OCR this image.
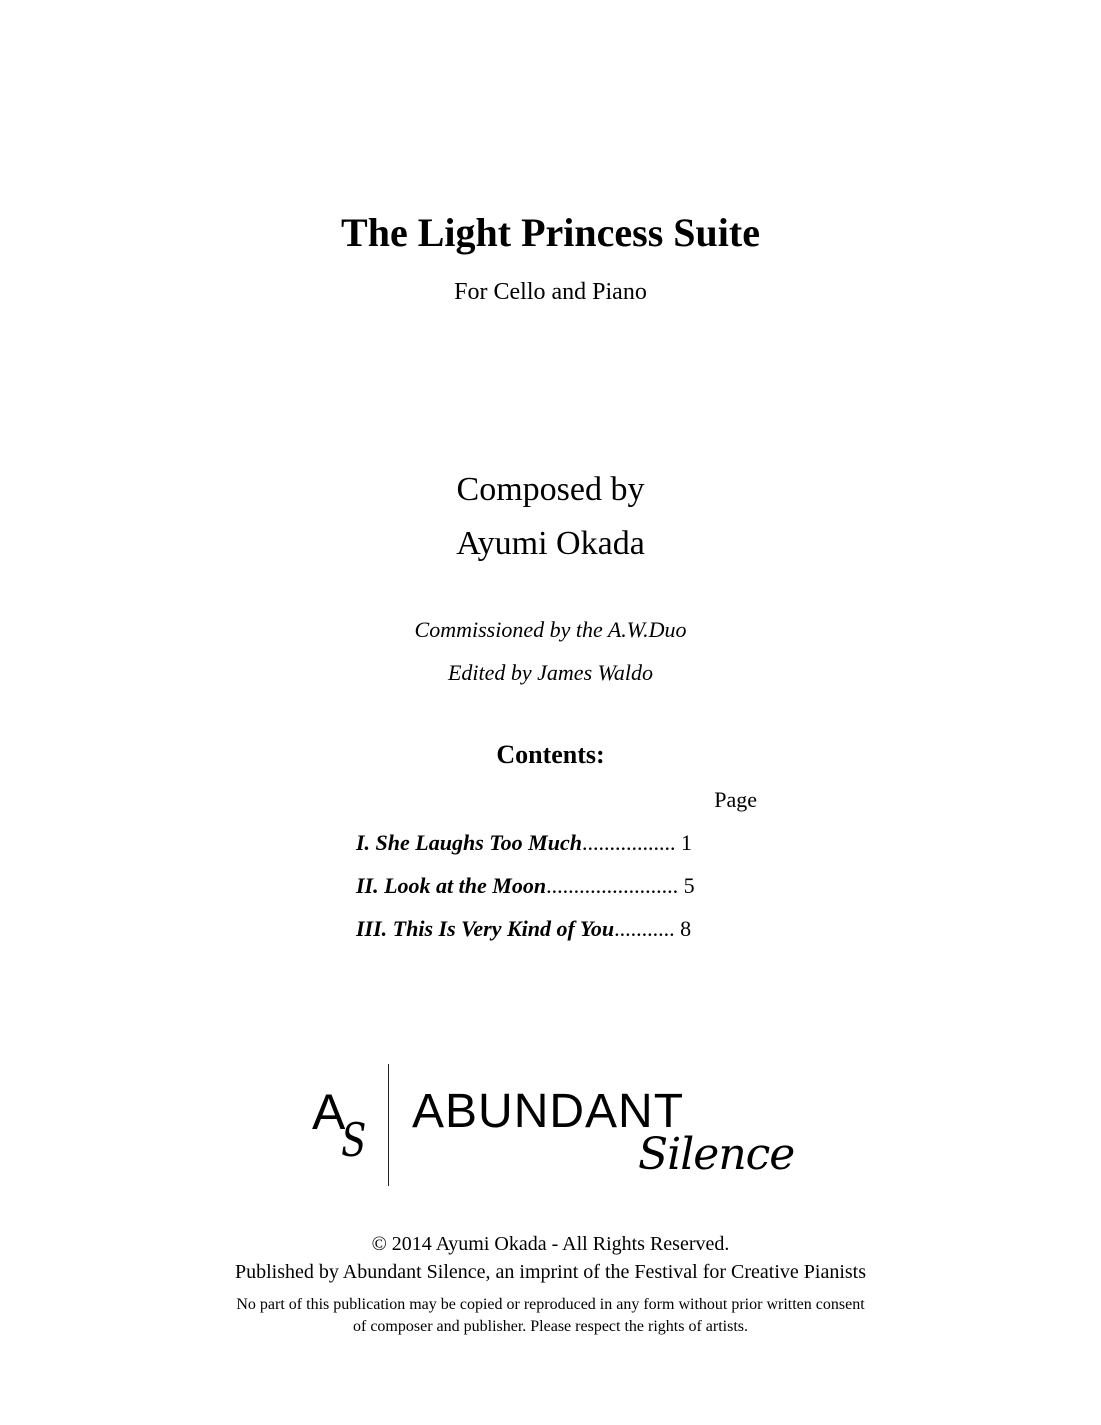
The Light Princess Suite
For Cello and Piano
Composed by
Ayumi Okada
Commissioned by the A.W.Duo
Edited by James Waldo
Contents:
Page
I. She Laughs Too Much................. 1
II. Look at the Moon........................ 5
III. This Is Very Kind of You........... 8
A
S
ABUNDANT
Silence
© 2014 Ayumi Okada - All Rights Reserved.
Published by Abundant Silence, an imprint of the Festival for Creative Pianists
No part of this publication may be copied or reproduced in any form without prior written consent
of composer and publisher. Please respect the rights of artists.
